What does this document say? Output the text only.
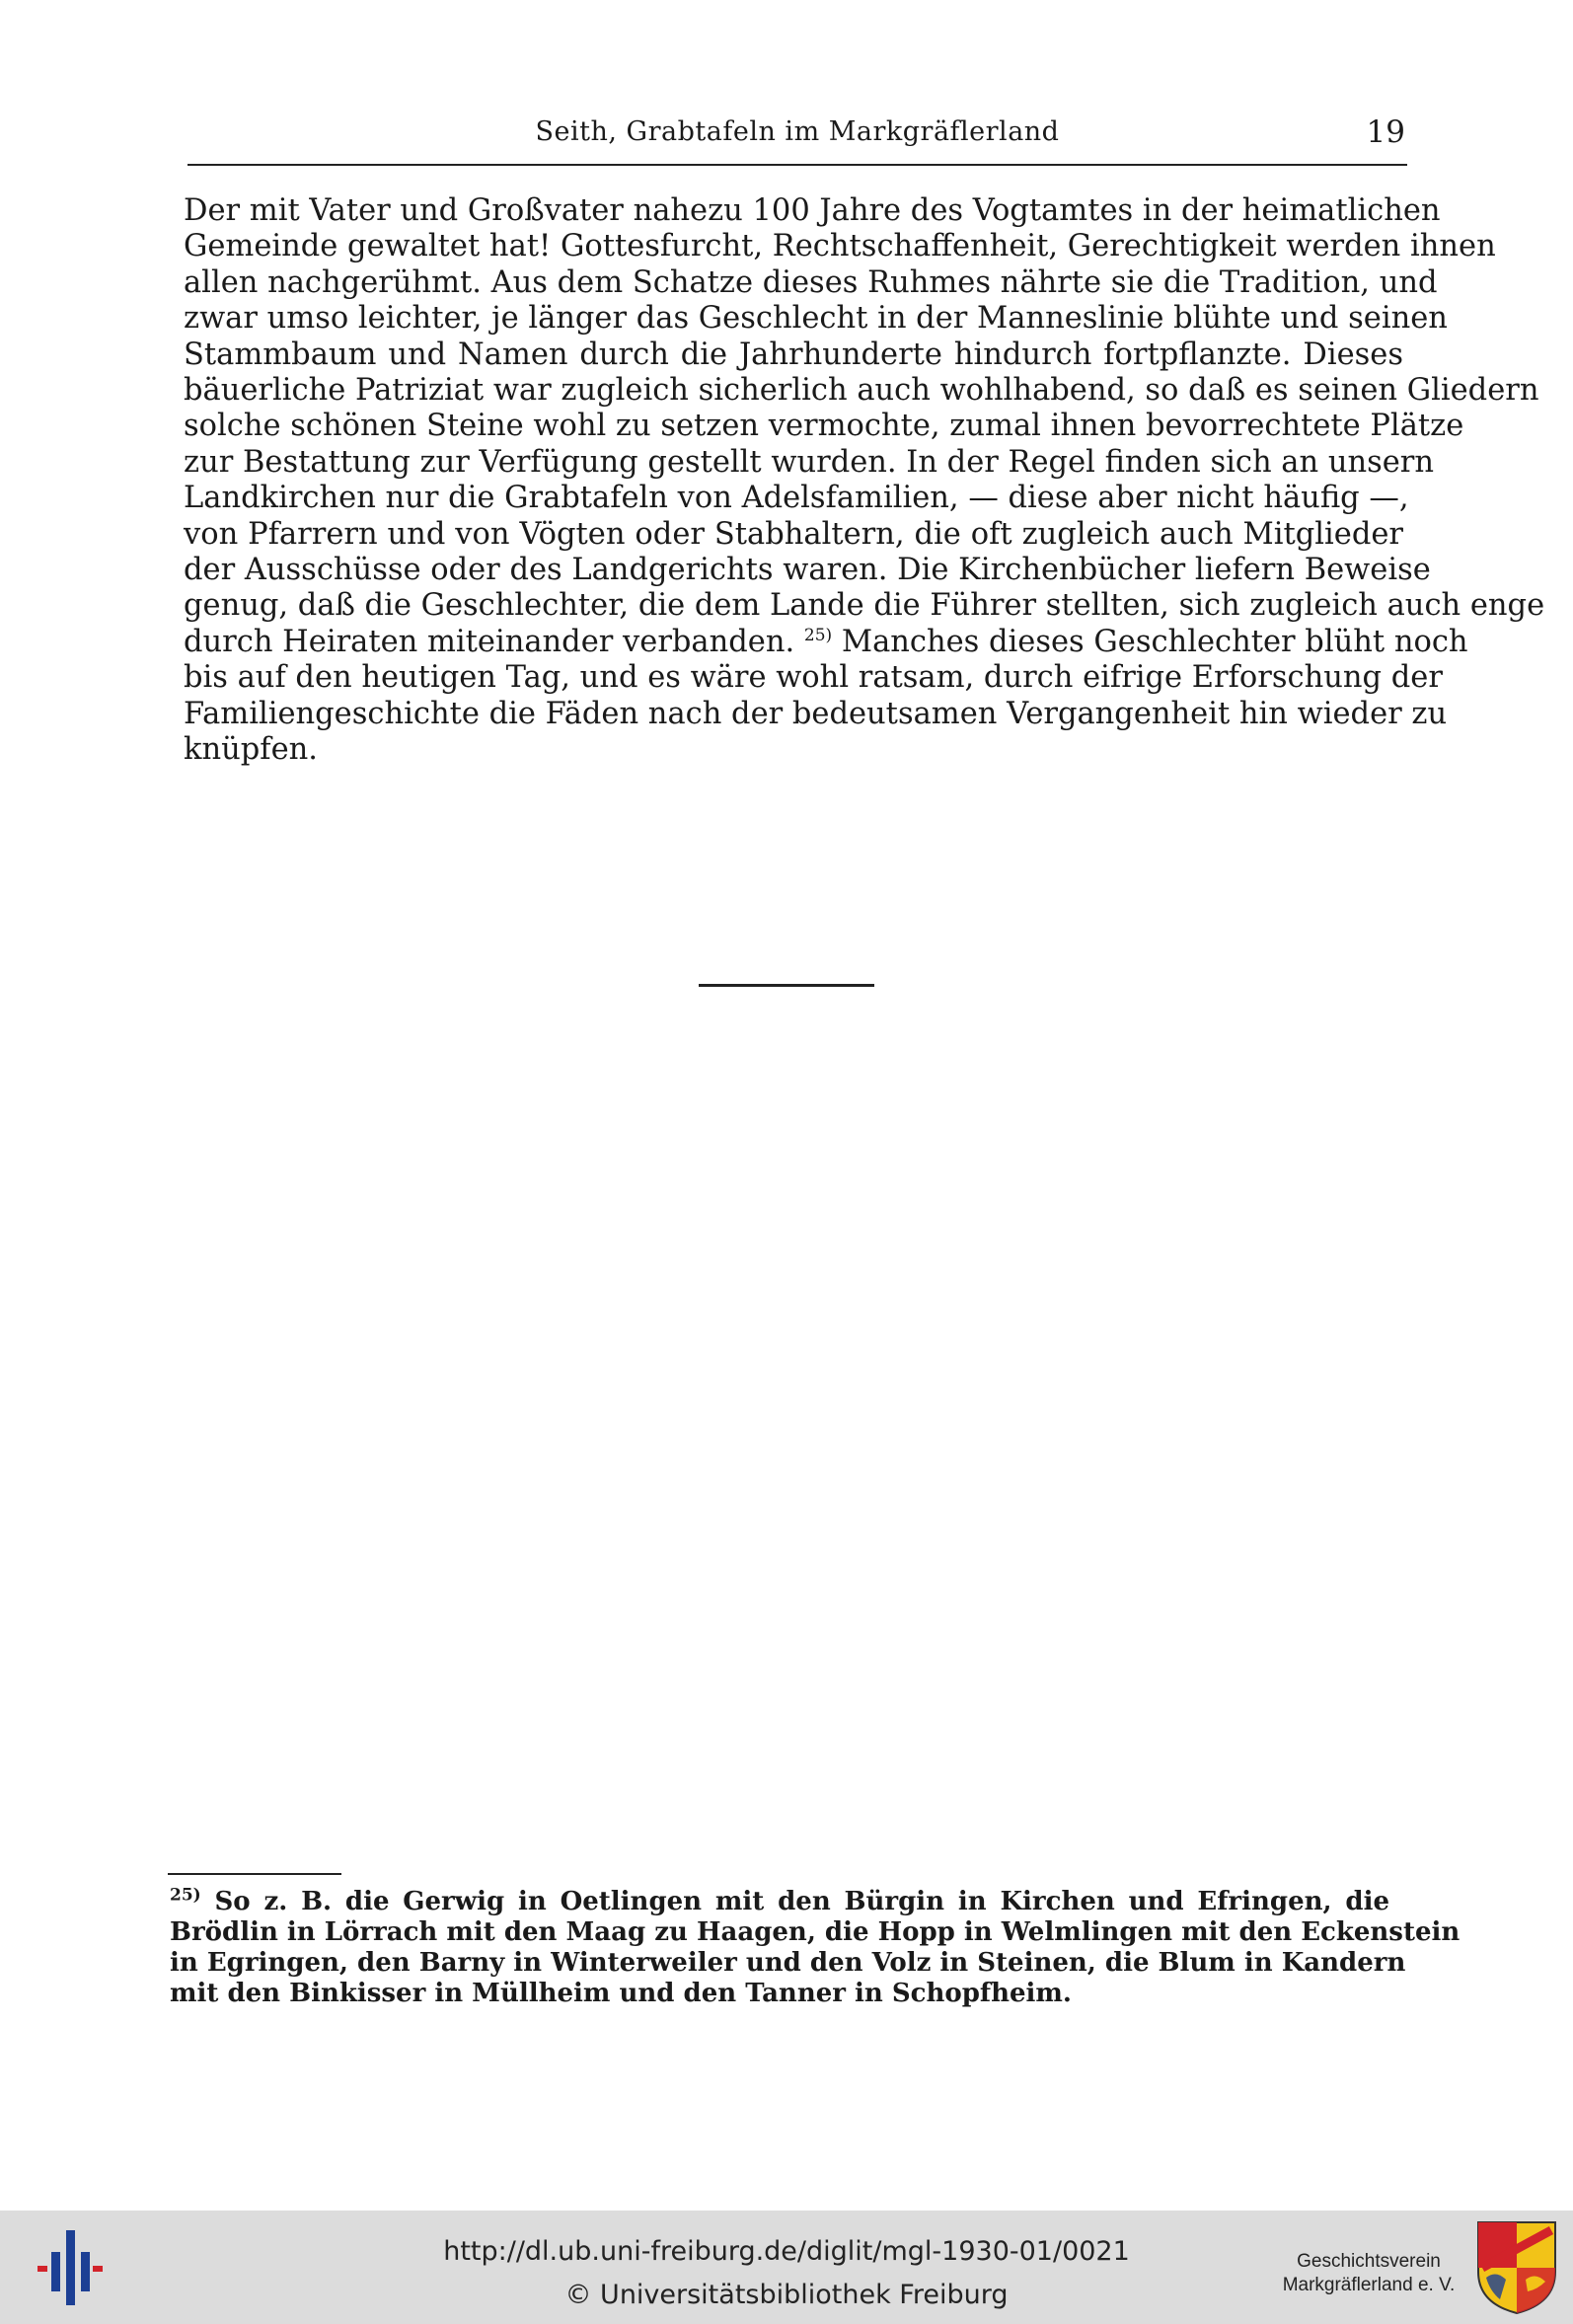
Seith, Grabtafeln im Markgräflerland	19
Der mit Vater und Großvater nahezu 100 Jahre des Vogtamtes in der heimatlichen
Gemeinde gewaltet hat! Gottesfurcht, Rechtschaffenheit, Gerechtigkeit werden ihnen
allen nachgerühmt. Aus dem Schatze dieses Ruhmes nährte sie die Tradition, und
zwar umso leichter, je länger das Geschlecht in der Manneslinie blühte und seinen
Stammbaum und Namen durch die Jahrhunderte hindurch fortpflanzte. Dieses
bäuerliche Patriziat war zugleich sicherlich auch wohlhabend, so daß es seinen Gliedern
solche schönen Steine wohl zu setzen vermochte, zumal ihnen bevorrechtete Plätze
zur Bestattung zur Verfügung gestellt wurden. In der Regel finden sich an unsern
Landkirchen nur die Grabtafeln von Adelsfamilien, — diese aber nicht häufig —,
von Pfarrern und von Vögten oder Stabhaltern, die oft zugleich auch Mitglieder
der Ausschüsse oder des Landgerichts waren. Die Kirchenbücher liefern Beweise
genug, daß die Geschlechter, die dem Lande die Führer stellten, sich zugleich auch enge
durch Heiraten miteinander verbanden. $^{25)}$ Manches dieses Geschlechter blüht noch
bis auf den heutigen Tag, und es wäre wohl ratsam, durch eifrige Erforschung der
Familiengeschichte die Fäden nach der bedeutsamen Vergangenheit hin wieder zu
knüpfen.
$^{25)}$ So z. B. die Gerwig in Oetlingen mit den Bürgin in Kirchen und Efringen, die
Brödlin in Lörrach mit den Maag zu Haagen, die Hopp in Welmlingen mit den Eckenstein
in Egringen, den Barny in Winterweiler und den Volz in Steinen, die Blum in Kandern
mit den Binkisser in Müllheim und den Tanner in Schopfheim.
http://dl.ub.uni-freiburg.de/diglit/mgl-1930-01/0021
© Universitätsbibliothek Freiburg
Geschichtsverein
Markgräflerland e. V.
